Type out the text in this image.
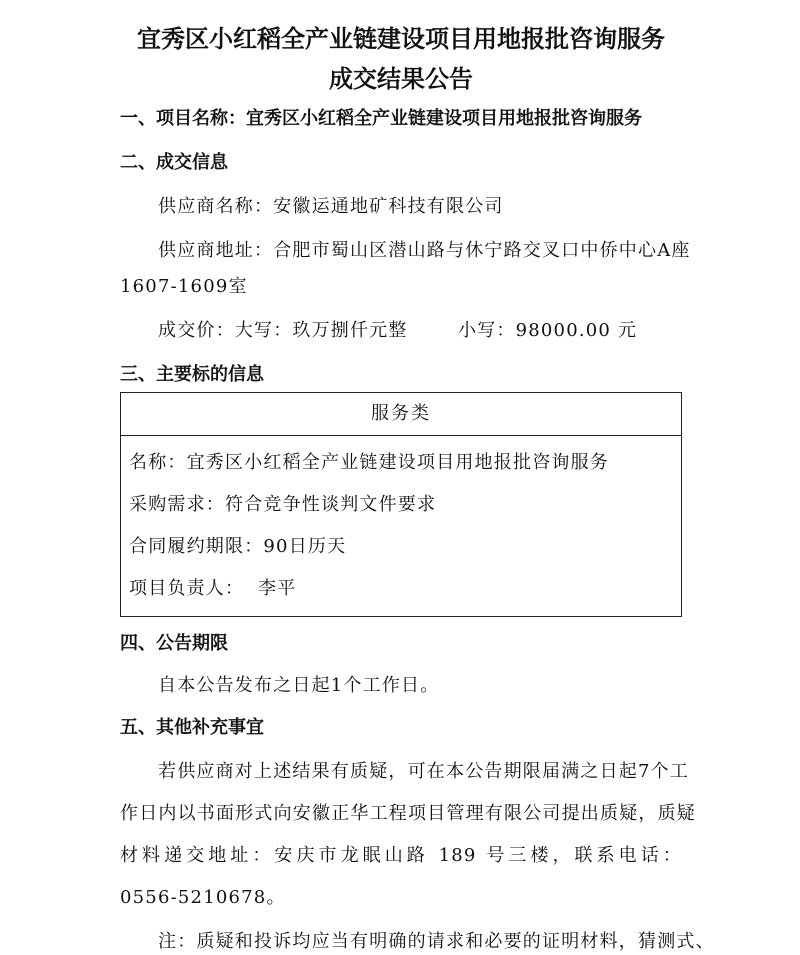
宜秀区小红稻全产业链建设项目用地报批咨询服务
成交结果公告
一、项目名称：宜秀区小红稻全产业链建设项目用地报批咨询服务
二、成交信息
供应商名称：安徽运通地矿科技有限公司
供应商地址：合肥市蜀山区潜山路与休宁路交叉口中侨中心A座
1607-1609室
成交价：大写：玖万捌仟元整	小写：98000.00 元
三、主要标的信息
服务类

名称：宜秀区小红稻全产业链建设项目用地报批咨询服务
采购需求：符合竞争性谈判文件要求
合同履约期限：90日历天
项目负责人：  李平
四、公告期限
自本公告发布之日起1个工作日。
五、其他补充事宜
若供应商对上述结果有质疑，可在本公告期限届满之日起7个工
作日内以书面形式向安徽正华工程项目管理有限公司提出质疑，质疑
材料递交地址：安庆市龙眠山路 189 号三楼，联系电话：
0556-5210678。
注：质疑和投诉均应当有明确的请求和必要的证明材料，猜测式、
